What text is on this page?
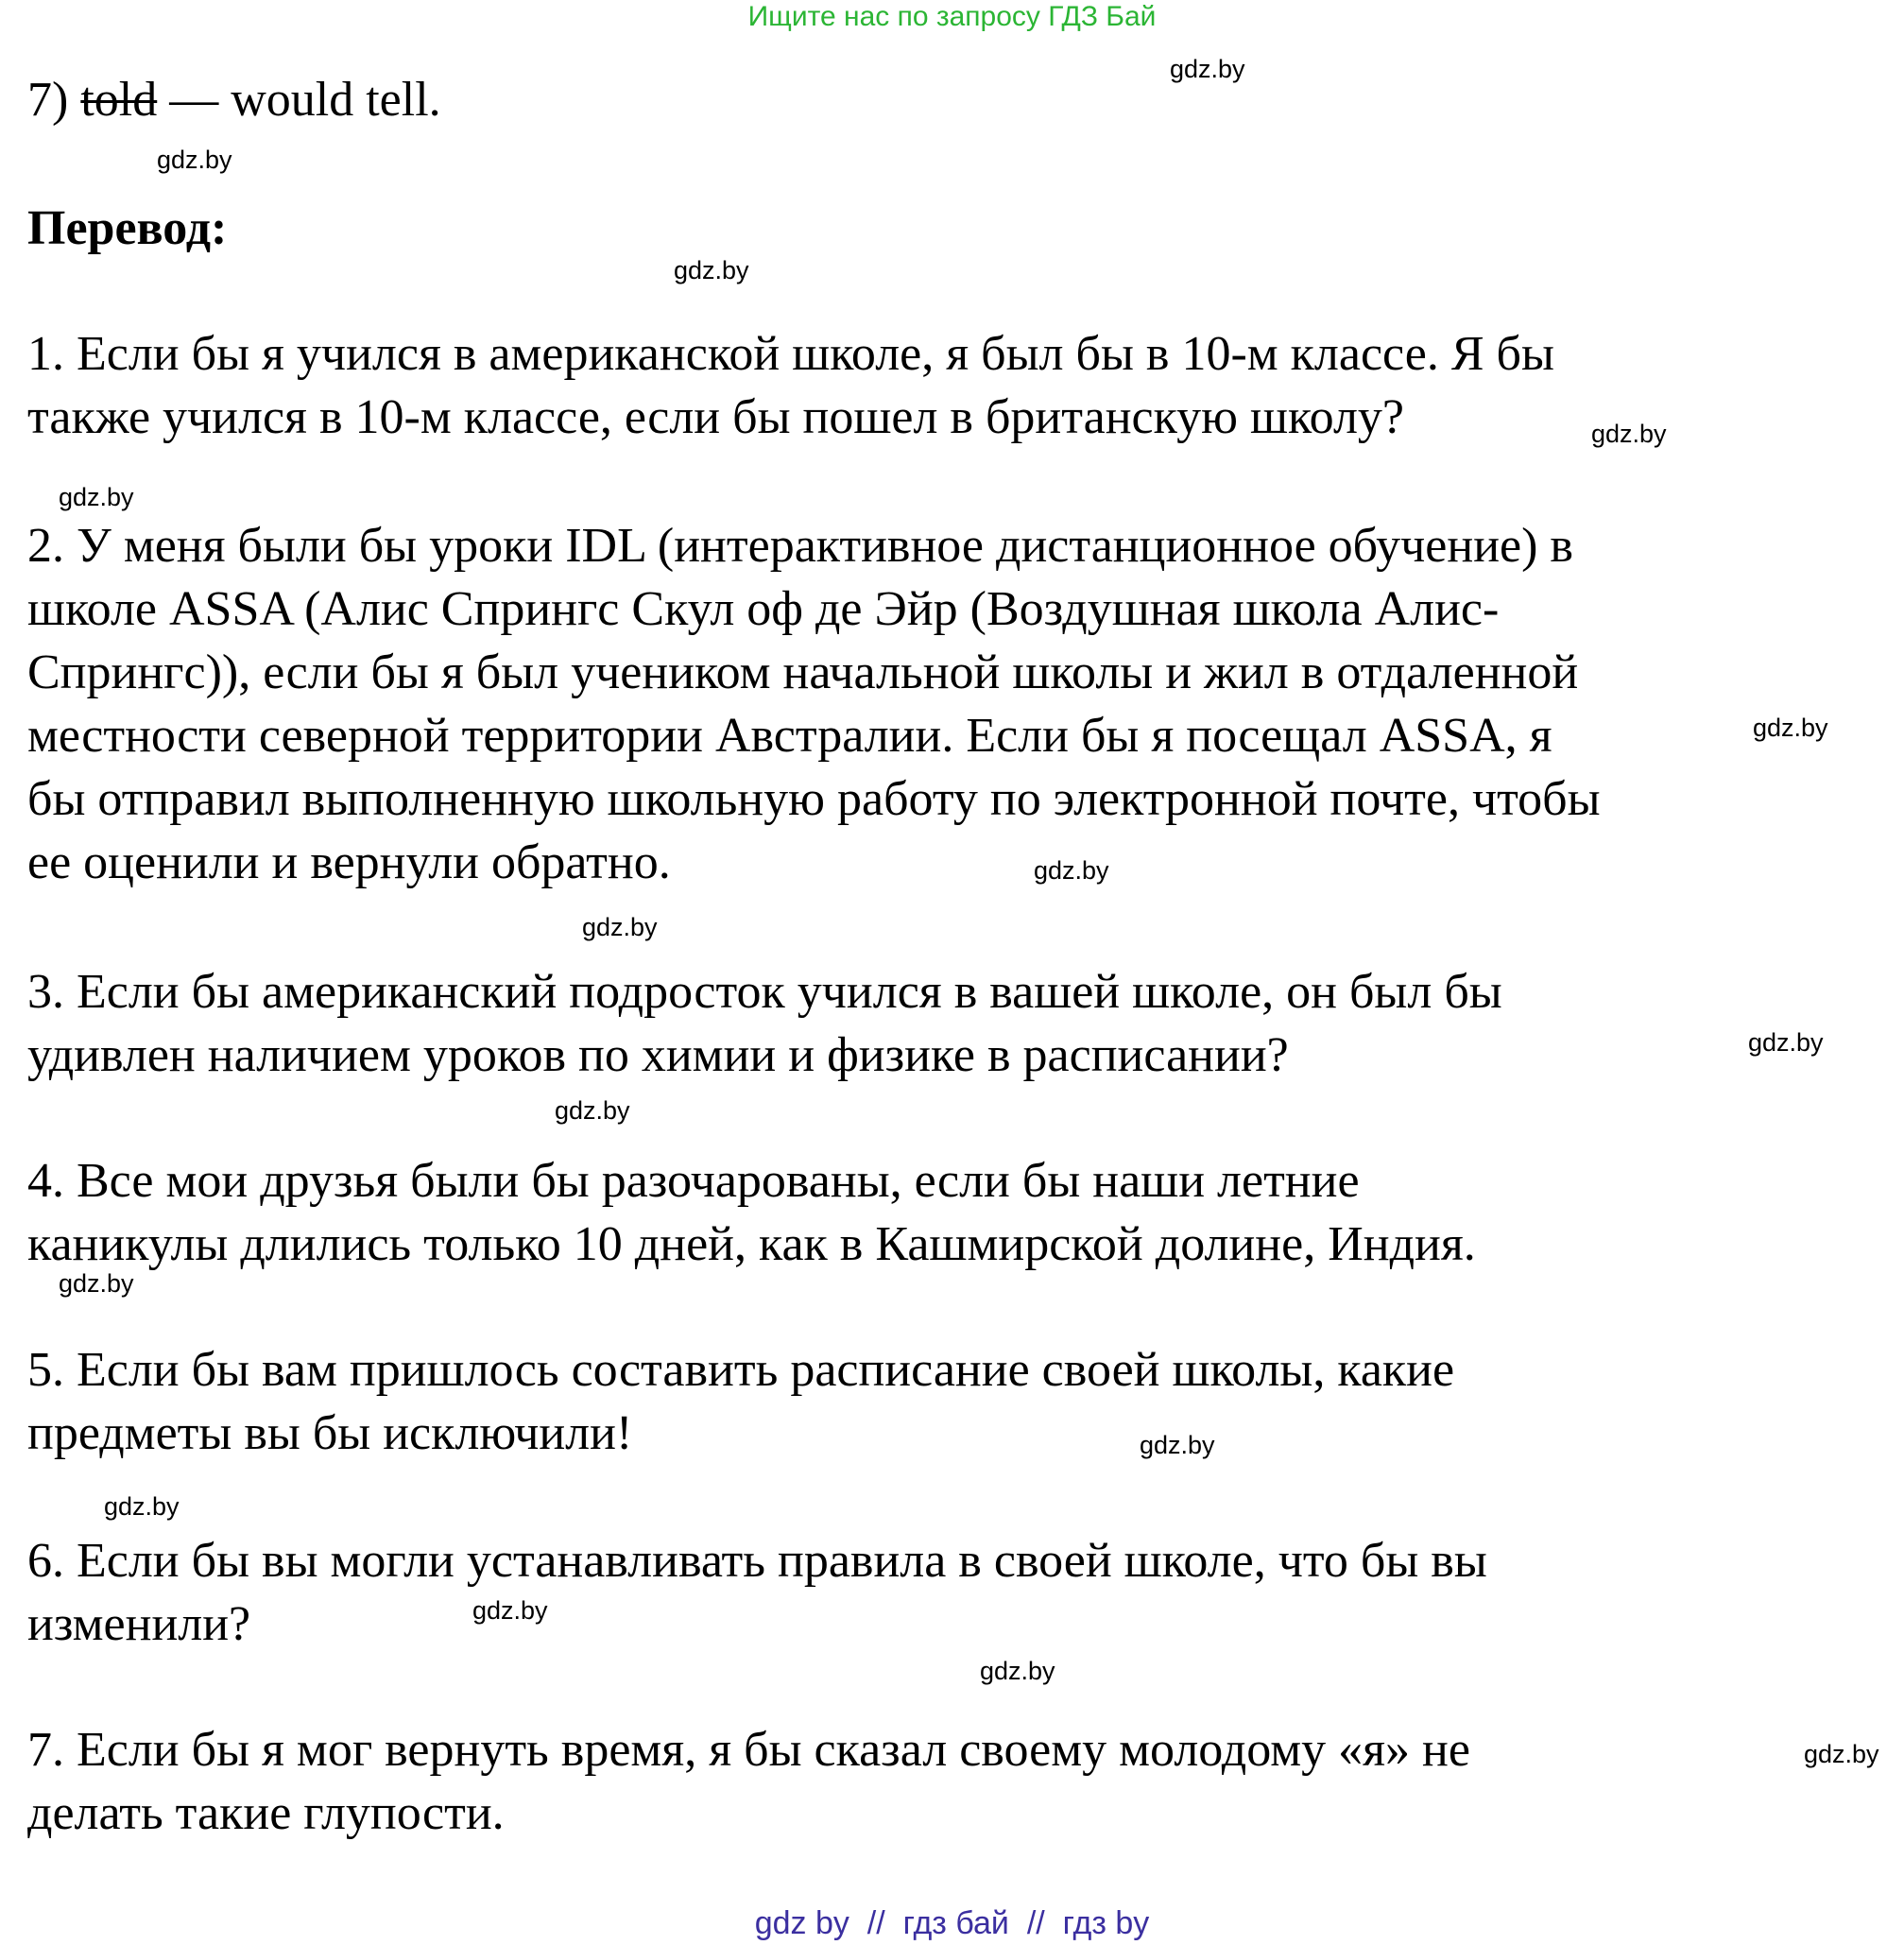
Ищите нас по запросу ГДЗ Бай
7) told — would tell.
Перевод:
1. Если бы я учился в американской школе, я был бы в 10-м классе. Я бы
также учился в 10-м классе, если бы пошел в британскую школу?
2. У меня были бы уроки IDL (интерактивное дистанционное обучение) в
школе ASSA (Алис Спрингс Скул оф де Эйр (Воздушная школа Алис-
Спрингс)), если бы я был учеником начальной школы и жил в отдаленной
местности северной территории Австралии. Если бы я посещал ASSA, я
бы отправил выполненную школьную работу по электронной почте, чтобы
ее оценили и вернули обратно.
3. Если бы американский подросток учился в вашей школе, он был бы
удивлен наличием уроков по химии и физике в расписании?
4. Все мои друзья были бы разочарованы, если бы наши летние
каникулы длились только 10 дней, как в Кашмирской долине, Индия.
5. Если бы вам пришлось составить расписание своей школы, какие
предметы вы бы исключили!
6. Если бы вы могли устанавливать правила в своей школе, что бы вы
изменили?
7. Если бы я мог вернуть время, я бы сказал своему молодому «я» не
делать такие глупости.
gdz.by
gdz.by
gdz.by
gdz.by
gdz.by
gdz.by
gdz.by
gdz.by
gdz.by
gdz.by
gdz.by
gdz.by
gdz.by
gdz.by
gdz.by
gdz.by
gdz by  //  гдз бай  //  гдз by
